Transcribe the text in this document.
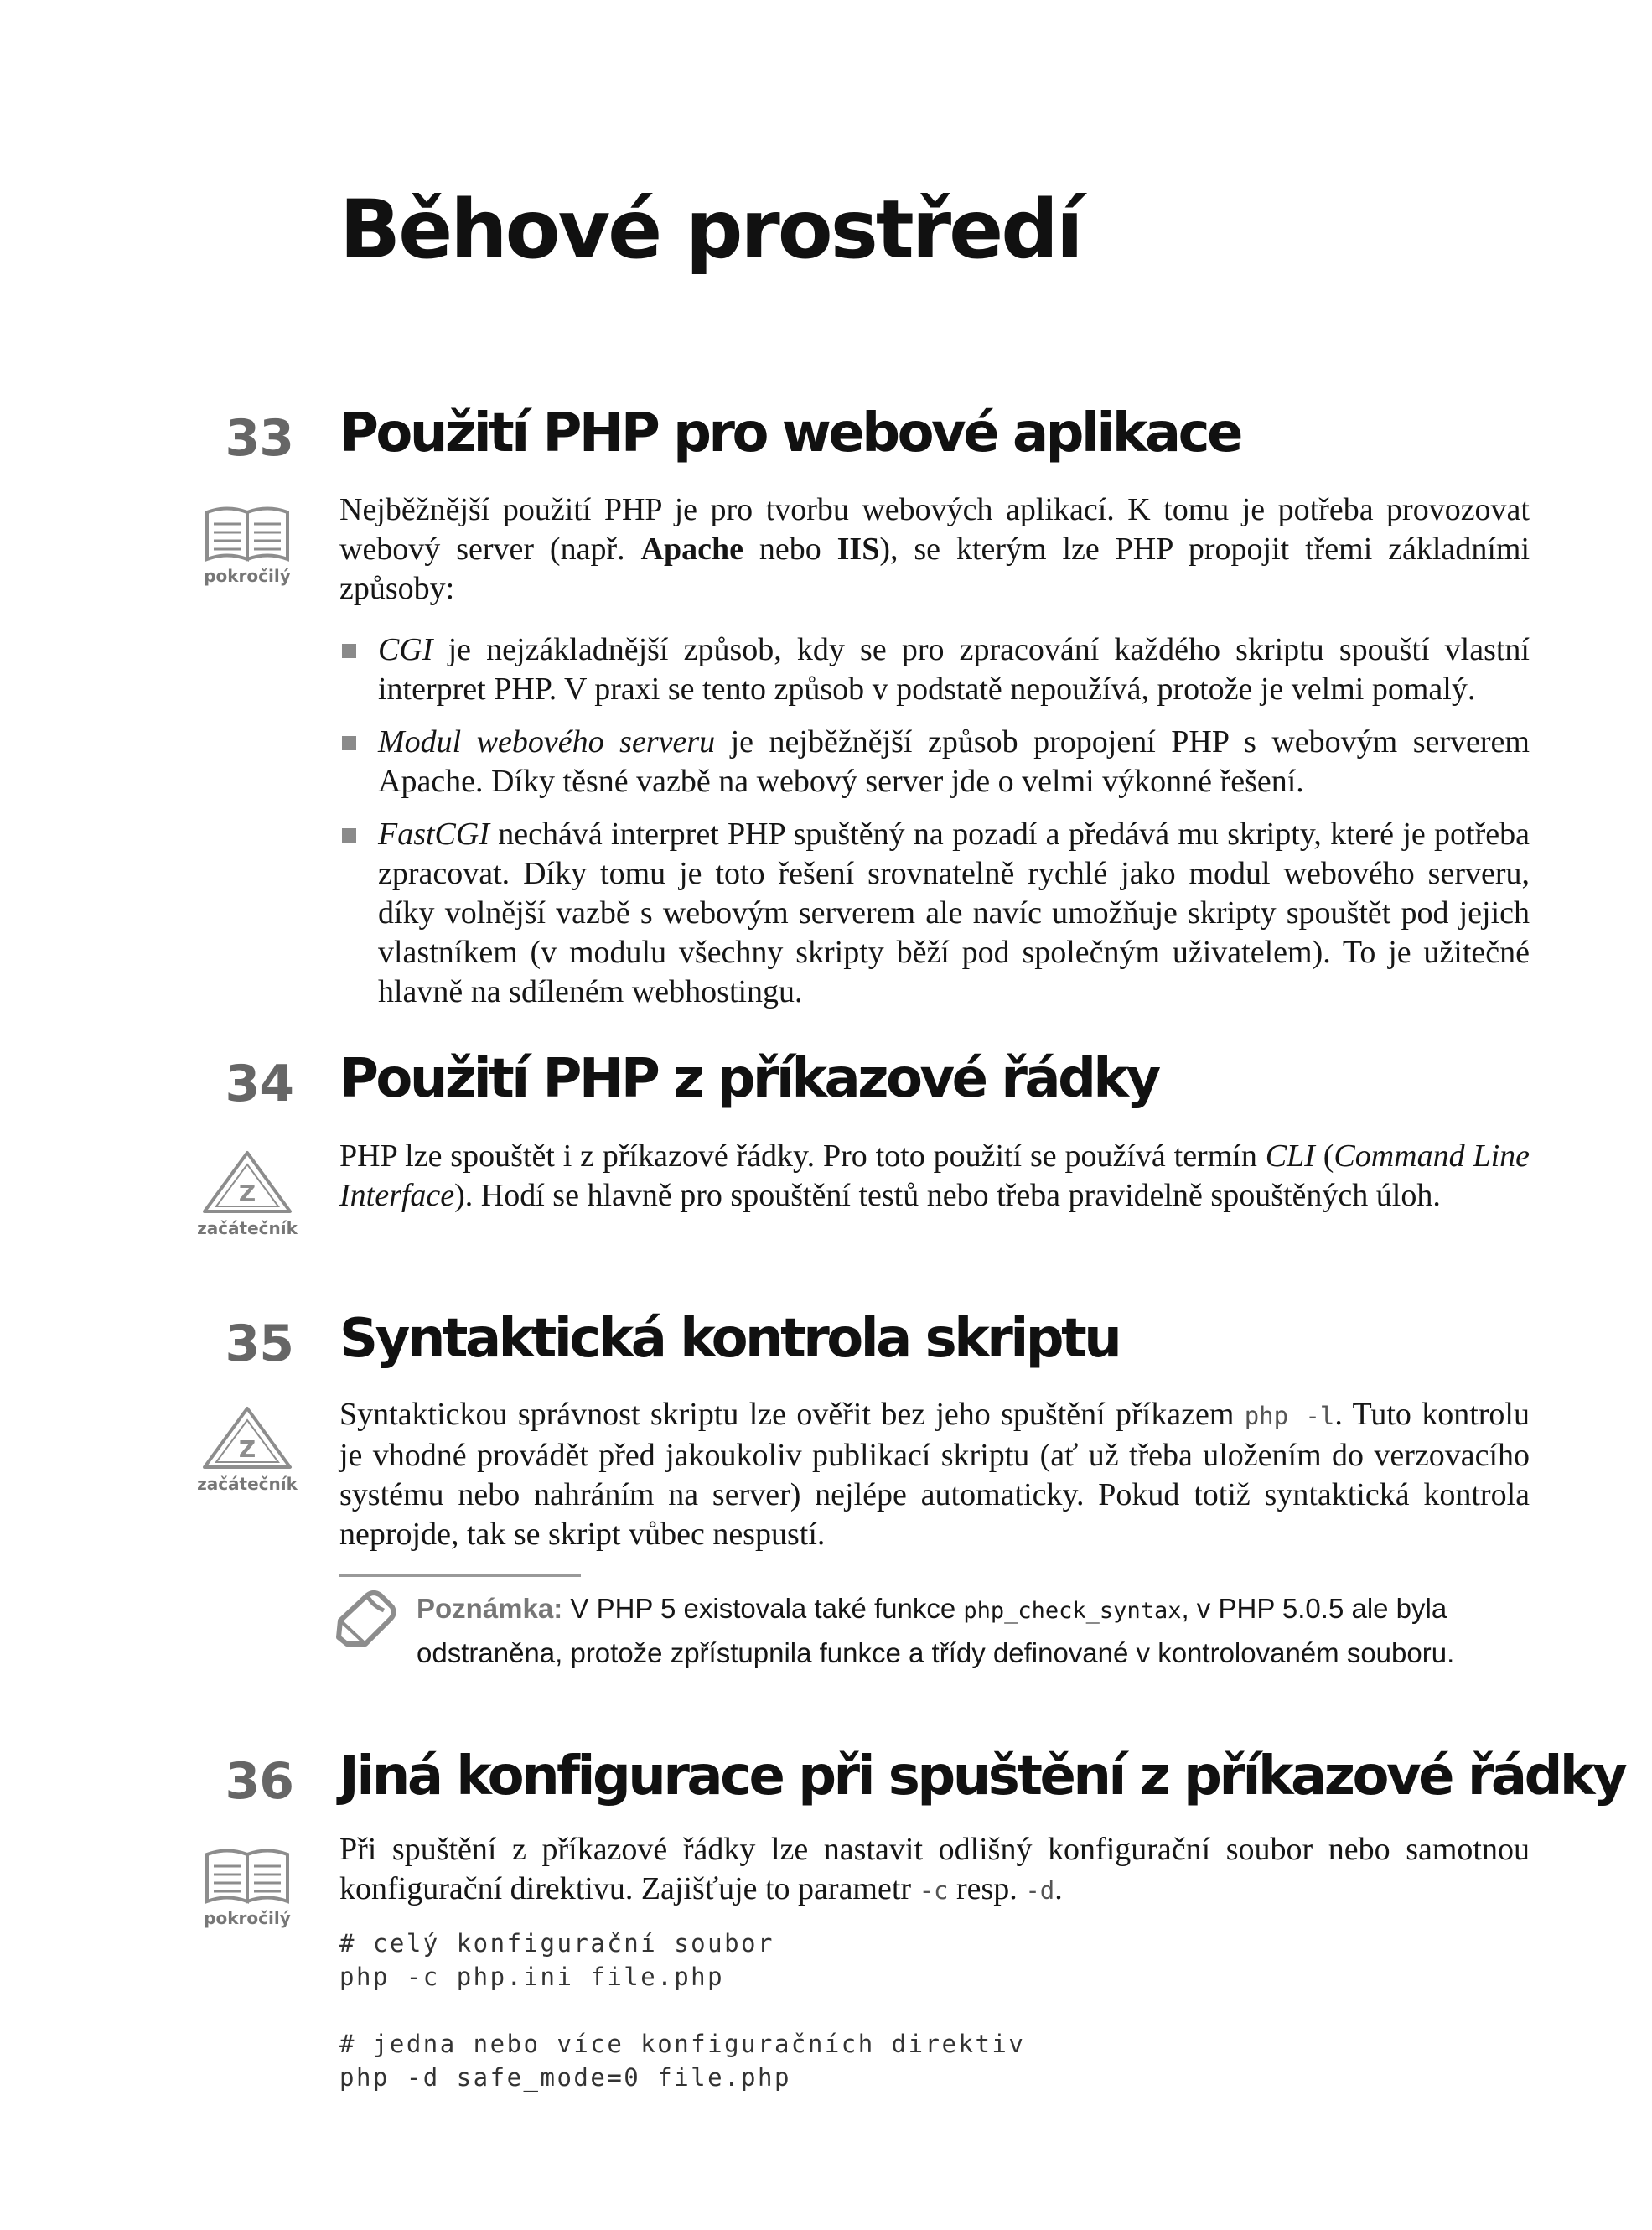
Běhové prostředí
33 Použití PHP pro webové aplikace
pokročilý

Nejběžnější použití PHP je pro tvorbu webových aplikací. K tomu je potřeba provozovat webový server (např. Apache nebo IIS), se kterým lze PHP propojit třemi základními způsoby:

CGI je nejzákladnější způsob, kdy se pro zpracování každého skriptu spouští vlastní interpret PHP. V praxi se tento způsob v podstatě nepoužívá, protože je velmi pomalý.
Modul webového serveru je nejběžnější způsob propojení PHP s webovým serverem Apache. Díky těsné vazbě na webový server jde o velmi výkonné řešení.
FastCGI nechává interpret PHP spuštěný na pozadí a předává mu skripty, které je potřeba zpracovat. Díky tomu je toto řešení srovnatelně rychlé jako modul webového serveru, díky volnější vazbě s webovým serverem ale navíc umožňuje skripty spouštět pod jejich vlastníkem (v modulu všechny skripty běží pod společným uživatelem). To je užitečné hlavně na sdíleném webhostingu.
34 Použití PHP z příkazové řádky
Z
začátečník

PHP lze spouštět i z příkazové řádky. Pro toto použití se používá termín CLI (Command Line Interface). Hodí se hlavně pro spouštění testů nebo třeba pravidelně spouštěných úloh.

35 Syntaktická kontrola skriptu
Z
začátečník

Syntaktickou správnost skriptu lze ověřit bez jeho spuštění příkazem php -l. Tuto kontrolu je vhodné provádět před jakoukoliv publikací skriptu (ať už třeba uložením do verzovacího systému nebo nahráním na server) nejlépe automaticky. Pokud totiž syntaktická kontrola neprojde, tak se skript vůbec nespustí.

Poznámka: V PHP 5 existovala také funkce php_check_syntax, v PHP 5.0.5 ale byla odstraněna, protože zpřístupnila funkce a třídy definované v kontrolovaném souboru.

36 Jiná konfigurace při spuštění z příkazové řádky
pokročilý

Při spuštění z příkazové řádky lze nastavit odlišný konfigurační soubor nebo samotnou konfigurační direktivu. Zajišťuje to parametr -c resp. -d.

# celý konfigurační soubor
php -c php.ini file.php

# jedna nebo více konfiguračních direktiv
php -d safe_mode=0 file.php
